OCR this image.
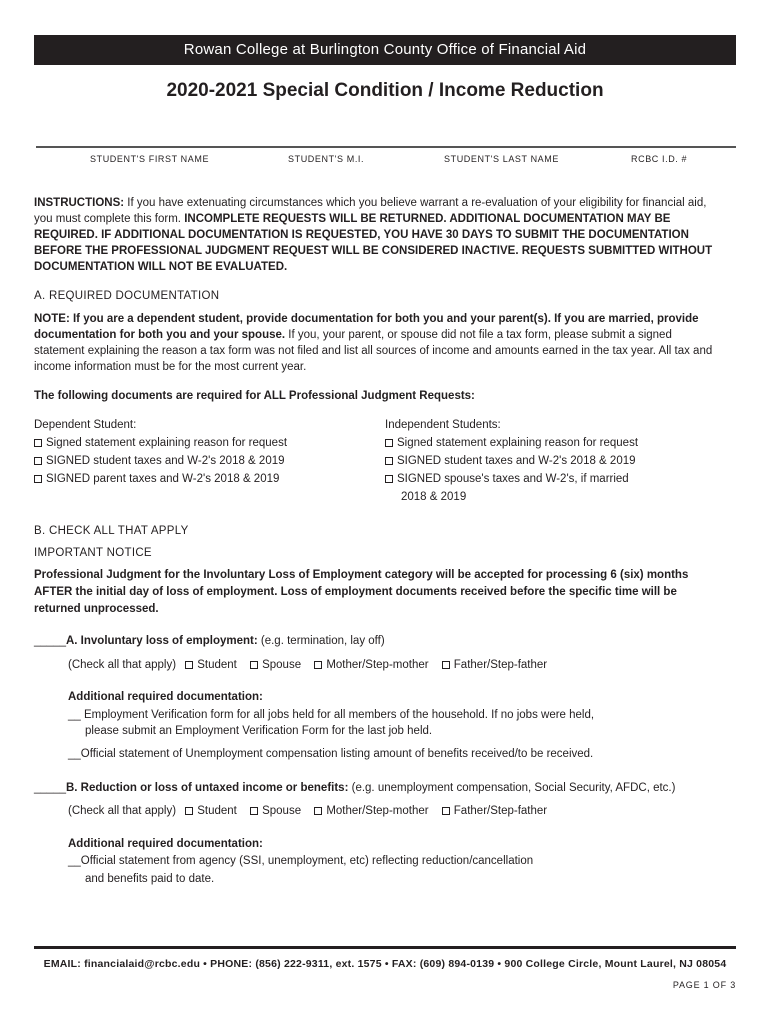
Rowan College at Burlington County Office of Financial Aid
2020-2021 Special Condition / Income Reduction
STUDENT'S FIRST NAME	STUDENT'S M.I.	STUDENT'S LAST NAME	RCBC I.D. #
INSTRUCTIONS: If you have extenuating circumstances which you believe warrant a re-evaluation of your eligibility for financial aid, you must complete this form. INCOMPLETE REQUESTS WILL BE RETURNED. ADDITIONAL DOCUMENTATION MAY BE REQUIRED. IF ADDITIONAL DOCUMENTATION IS REQUESTED, YOU HAVE 30 DAYS TO SUBMIT THE DOCUMENTATION BEFORE THE PROFESSIONAL JUDGMENT REQUEST WILL BE CONSIDERED INACTIVE. REQUESTS SUBMITTED WITHOUT DOCUMENTATION WILL NOT BE EVALUATED.
A. REQUIRED DOCUMENTATION
NOTE: If you are a dependent student, provide documentation for both you and your parent(s). If you are married, provide documentation for both you and your spouse. If you, your parent, or spouse did not file a tax form, please submit a signed statement explaining the reason a tax form was not filed and list all sources of income and amounts earned in the tax year. All tax and income information must be for the most current year.
The following documents are required for ALL Professional Judgment Requests:
Dependent Student:
Signed statement explaining reason for request
SIGNED student taxes and W-2's 2018 & 2019
SIGNED parent taxes and W-2's 2018 & 2019
Independent Students:
Signed statement explaining reason for request
SIGNED student taxes and W-2's 2018 & 2019
SIGNED spouse's taxes and W-2's, if married
2018 & 2019
B. CHECK ALL THAT APPLY
IMPORTANT NOTICE
Professional Judgment for the Involuntary Loss of Employment category will be accepted for processing 6 (six) months AFTER the initial day of loss of employment. Loss of employment documents received before the specific time will be returned unprocessed.
_____A. Involuntary loss of employment: (e.g. termination, lay off)
(Check all that apply) Student Spouse Mother/Step-mother Father/Step-father
Additional required documentation:
__ Employment Verification form for all jobs held for all members of the household. If no jobs were held,
please submit an Employment Verification Form for the last job held.
__Official statement of Unemployment compensation listing amount of benefits received/to be received.
_____B. Reduction or loss of untaxed income or benefits: (e.g. unemployment compensation, Social Security, AFDC, etc.)
(Check all that apply) Student Spouse Mother/Step-mother Father/Step-father
Additional required documentation:
__Official statement from agency (SSI, unemployment, etc) reflecting reduction/cancellation
and benefits paid to date.
EMAIL: financialaid@rcbc.edu • PHONE: (856) 222-9311, ext. 1575 • FAX: (609) 894-0139 • 900 College Circle, Mount Laurel, NJ 08054
PAGE 1 OF 3
